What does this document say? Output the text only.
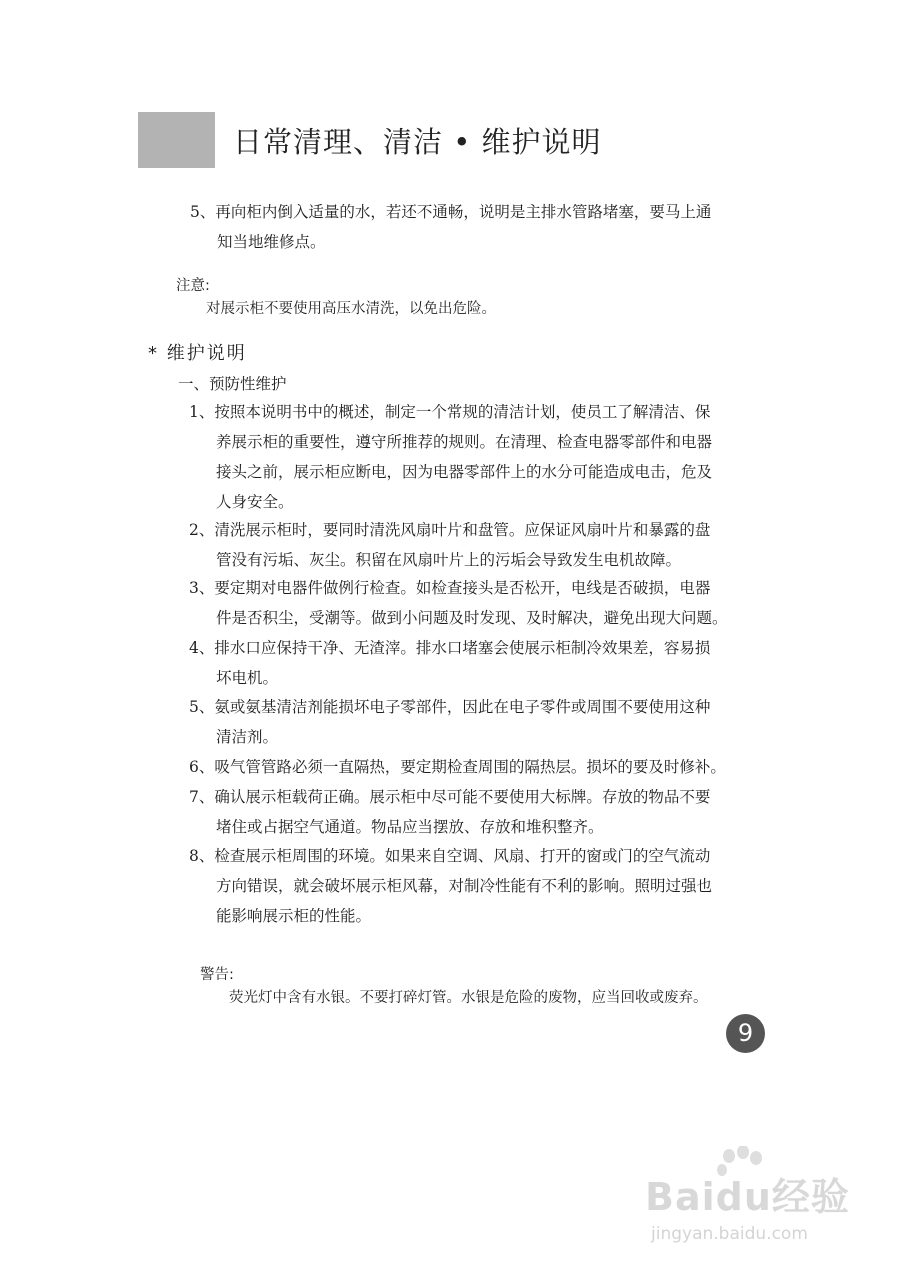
日常清理、清洁 • 维护说明
5、再向柜内倒入适量的水，若还不通畅，说明是主排水管路堵塞，要马上通
知当地维修点。
注意:
对展示柜不要使用高压水清洗，以免出危险。
* 维护说明
一、预防性维护
1、按照本说明书中的概述，制定一个常规的清洁计划，使员工了解清洁、保
养展示柜的重要性，遵守所推荐的规则。在清理、检查电器零部件和电器
接头之前，展示柜应断电，因为电器零部件上的水分可能造成电击，危及
人身安全。
2、清洗展示柜时，要同时清洗风扇叶片和盘管。应保证风扇叶片和暴露的盘
管没有污垢、灰尘。积留在风扇叶片上的污垢会导致发生电机故障。
3、要定期对电器件做例行检查。如检查接头是否松开，电线是否破损，电器
件是否积尘，受潮等。做到小问题及时发现、及时解决，避免出现大问题。
4、排水口应保持干净、无渣滓。排水口堵塞会使展示柜制冷效果差，容易损
坏电机。
5、氨或氨基清洁剂能损坏电子零部件，因此在电子零件或周围不要使用这种
清洁剂。
6、吸气管管路必须一直隔热，要定期检查周围的隔热层。损坏的要及时修补。
7、确认展示柜载荷正确。展示柜中尽可能不要使用大标牌。存放的物品不要
堵住或占据空气通道。物品应当摆放、存放和堆积整齐。
8、检查展示柜周围的环境。如果来自空调、风扇、打开的窗或门的空气流动
方向错误，就会破坏展示柜风幕，对制冷性能有不利的影响。照明过强也
能影响展示柜的性能。
警告:
荧光灯中含有水银。不要打碎灯管。水银是危险的废物，应当回收或废弃。
9
Baidu经验
jingyan.baidu.com
